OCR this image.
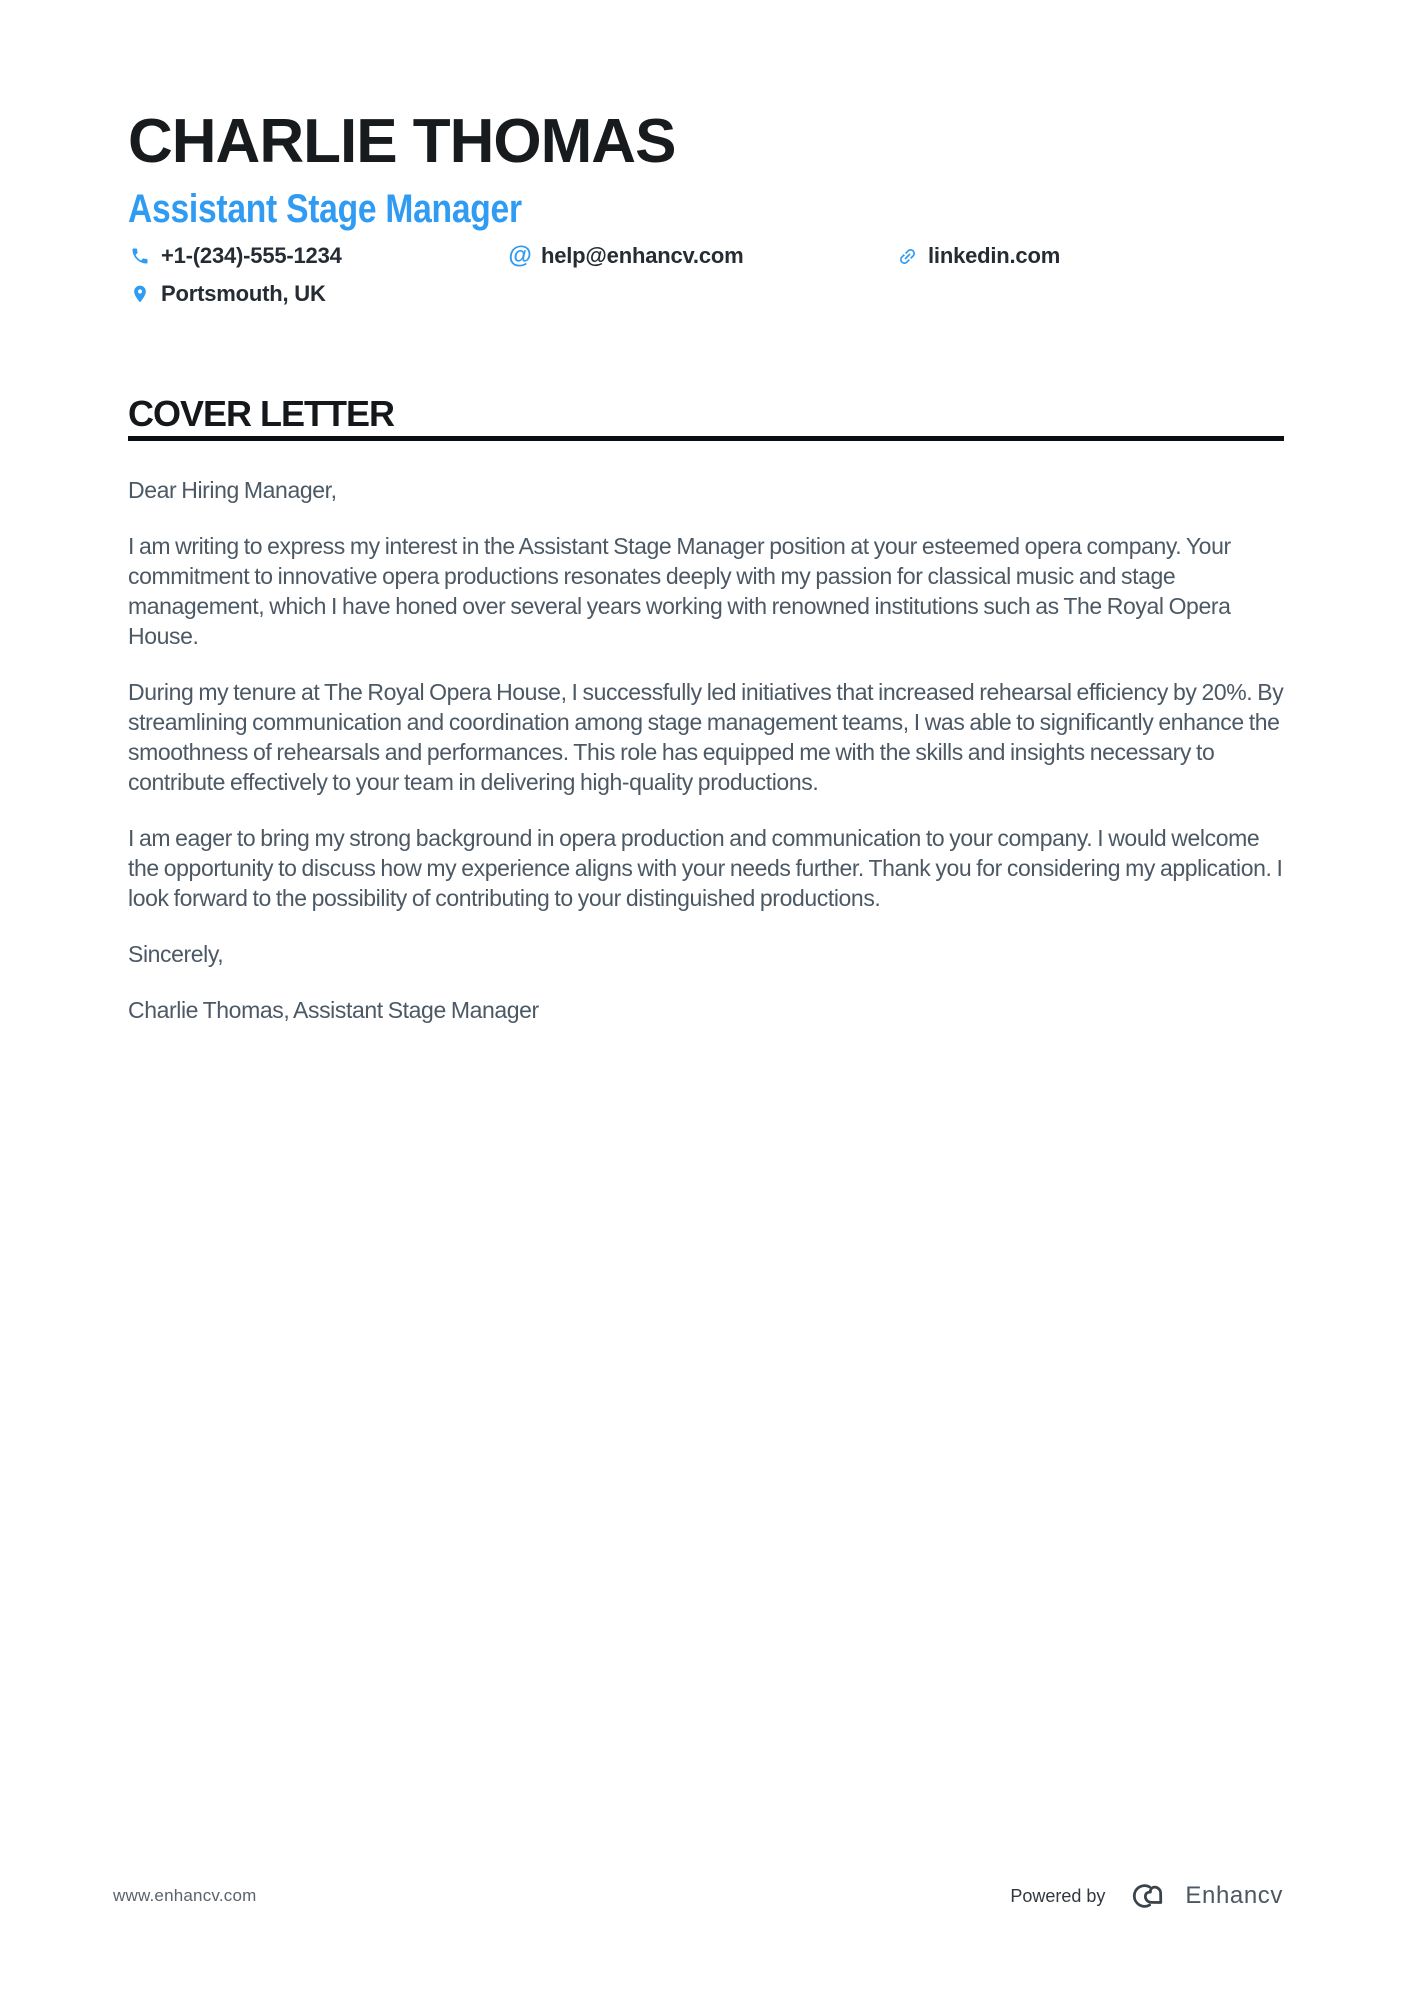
CHARLIE THOMAS
Assistant Stage Manager
+1-(234)-555-1234	@ help@enhancv.com	linkedin.com
Portsmouth, UK
COVER LETTER

Dear Hiring Manager,

I am writing to express my interest in the Assistant Stage Manager position at your esteemed opera company. Your commitment to innovative opera productions resonates deeply with my passion for classical music and stage management, which I have honed over several years working with renowned institutions such as The Royal Opera House.

During my tenure at The Royal Opera House, I successfully led initiatives that increased rehearsal efficiency by 20%. By streamlining communication and coordination among stage management teams, I was able to significantly enhance the smoothness of rehearsals and performances. This role has equipped me with the skills and insights necessary to contribute effectively to your team in delivering high-quality productions.

I am eager to bring my strong background in opera production and communication to your company. I would welcome the opportunity to discuss how my experience aligns with your needs further. Thank you for considering my application. I look forward to the possibility of contributing to your distinguished productions.

Sincerely,

Charlie Thomas, Assistant Stage Manager

www.enhancv.com	Powered by	Enhancv
